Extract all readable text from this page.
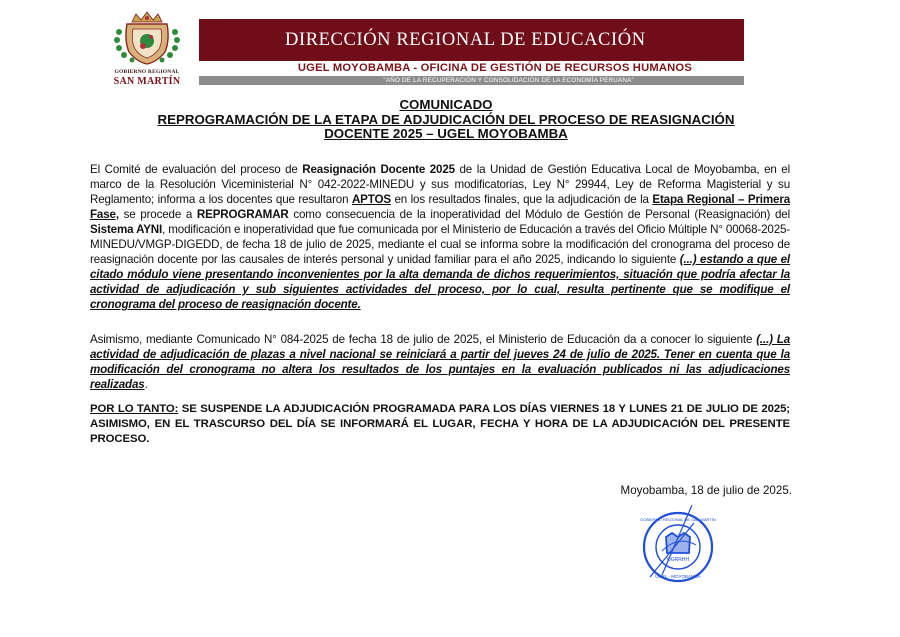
GOBIERNO REGIONAL
SAN MARTÍN
DIRECCIÓN REGIONAL DE EDUCACIÓN
UGEL MOYOBAMBA - OFICINA DE GESTIÓN DE RECURSOS HUMANOS
"AÑO DE LA RECUPERACIÓN Y CONSOLIDACIÓN DE LA ECONOMÍA PERUANA"
COMUNICADO
REPROGRAMACIÓN DE LA ETAPA DE ADJUDICACIÓN DEL PROCESO DE REASIGNACIÓN
DOCENTE 2025 – UGEL MOYOBAMBA
El Comité de evaluación del proceso de Reasignación Docente 2025 de la Unidad de Gestión Educativa Local de Moyobamba, en el marco de la Resolución Viceministerial N° 042-2022-MINEDU y sus modificatorias, Ley N° 29944, Ley de Reforma Magisterial y su Reglamento; informa a los docentes que resultaron APTOS en los resultados finales, que la adjudicación de la Etapa Regional – Primera Fase, se procede a REPROGRAMAR como consecuencia de la inoperatividad del Módulo de Gestión de Personal (Reasignación) del Sistema AYNI, modificación e inoperatividad que fue comunicada por el Ministerio de Educación a través del Oficio Múltiple N° 00068-2025-MINEDU/VMGP-DIGEDD, de fecha 18 de julio de 2025, mediante el cual se informa sobre la modificación del cronograma del proceso de reasignación docente por las causales de interés personal y unidad familiar para el año 2025, indicando lo siguiente (...) estando a que el citado módulo viene presentando inconvenientes por la alta demanda de dichos requerimientos, situación que podría afectar la actividad de adjudicación y sub siguientes actividades del proceso, por lo cual, resulta pertinente que se modifique el cronograma del proceso de reasignación docente.
Asimismo, mediante Comunicado N° 084-2025 de fecha 18 de julio de 2025, el Ministerio de Educación da a conocer lo siguiente (...) La actividad de adjudicación de plazas a nivel nacional se reiniciará a partir del jueves 24 de julio de 2025. Tener en cuenta que la modificación del cronograma no altera los resultados de los puntajes en la evaluación publicados ni las adjudicaciones realizadas.
POR LO TANTO: SE SUSPENDE LA ADJUDICACIÓN PROGRAMADA PARA LOS DÍAS VIERNES 18 Y LUNES 21 DE JULIO DE 2025; ASIMISMO, EN EL TRASCURSO DEL DÍA SE INFORMARÁ EL LUGAR, FECHA Y HORA DE LA ADJUDICACIÓN DEL PRESENTE PROCESO.
Moyobamba, 18 de julio de 2025.
OGRRHH
UGEL - MOYOBAMBA
GOBIERNO REGIONAL DE SAN MARTÍN
